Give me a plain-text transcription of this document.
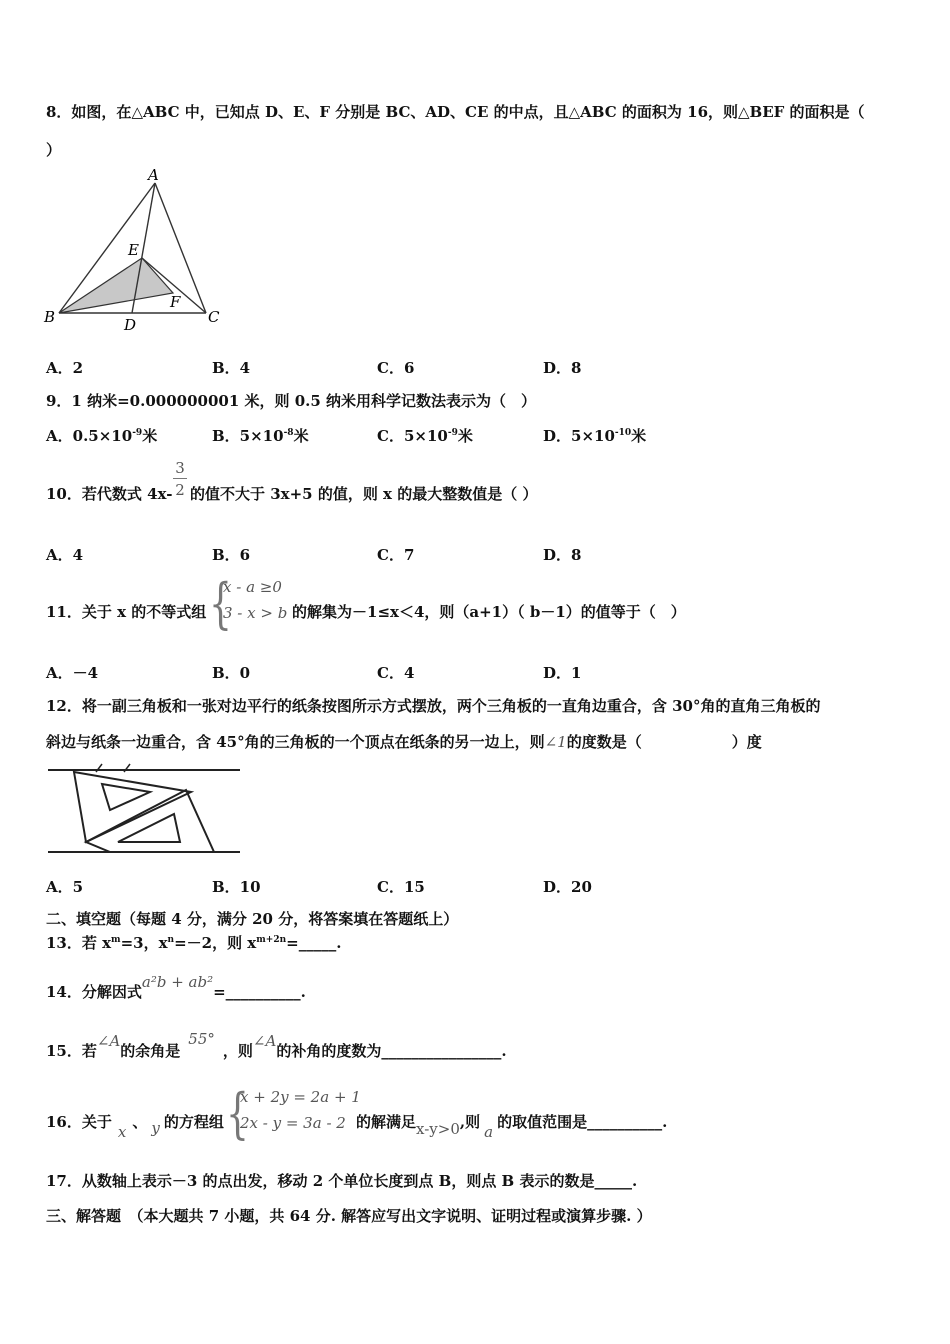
8．如图，在△ABC 中，已知点 D、E、F 分别是 BC、AD、CE 的中点，且△ABC 的面积为 16，则△BEF 的面积是（
）
A
B	C
D
E
F
A．2	B．4	C．6	D．8
9．1 纳米=0.000000001 米，则 0.5 纳米用科学记数法表示为（　）
A．$0.5\times 10^{-9}$米	B．$5\times 10^{-8}$米	C．$5\times 10^{-9}$米	D．$5\times 10^{-10}$米
10．若代数式 4x-
3
2 的值不大于 3x+5 的值，则 x 的最大整数值是（ ）
A．4	B．6	C．7	D．8
11．关于 x 的不等式组 {
x - a ≥0
3 - x > b 的解集为－1≤x＜4，则（a+1）（ b－1）的值等于（　）
A．－4	B．0	C．4	D．1
12．将一副三角板和一张对边平行的纸条按图所示方式摆放，两个三角板的一直角边重合，含 30°角的直角三角板的
斜边与纸条一边重合，含 45°角的三角板的一个顶点在纸条的另一边上，则∠1的度数是（　　　　　　）度
A．5	B．10	C．15	D．20
二、填空题（每题 4 分，满分 20 分，将答案填在答题纸上）
13．若 $x^m=3$，$x^n=-2$，则 $x^{m+2n}=\_\_\_\_\_$.
14．分解因式a²b + ab²=__________.
15．若∠A的余角是55°，则∠A的补角的度数为________________.
16．关于x、 y 的方程组 {
x + 2y = 2a + 1
2x - y = 3a - 2 的解满足x-y>0,则a的取值范围是__________.
17．从数轴上表示－3 的点出发，移动 2 个单位长度到点 B，则点 B 表示的数是_____.
三、解答题　（本大题共 7 小题，共 64 分. 解答应写出文字说明、证明过程或演算步骤. ）
